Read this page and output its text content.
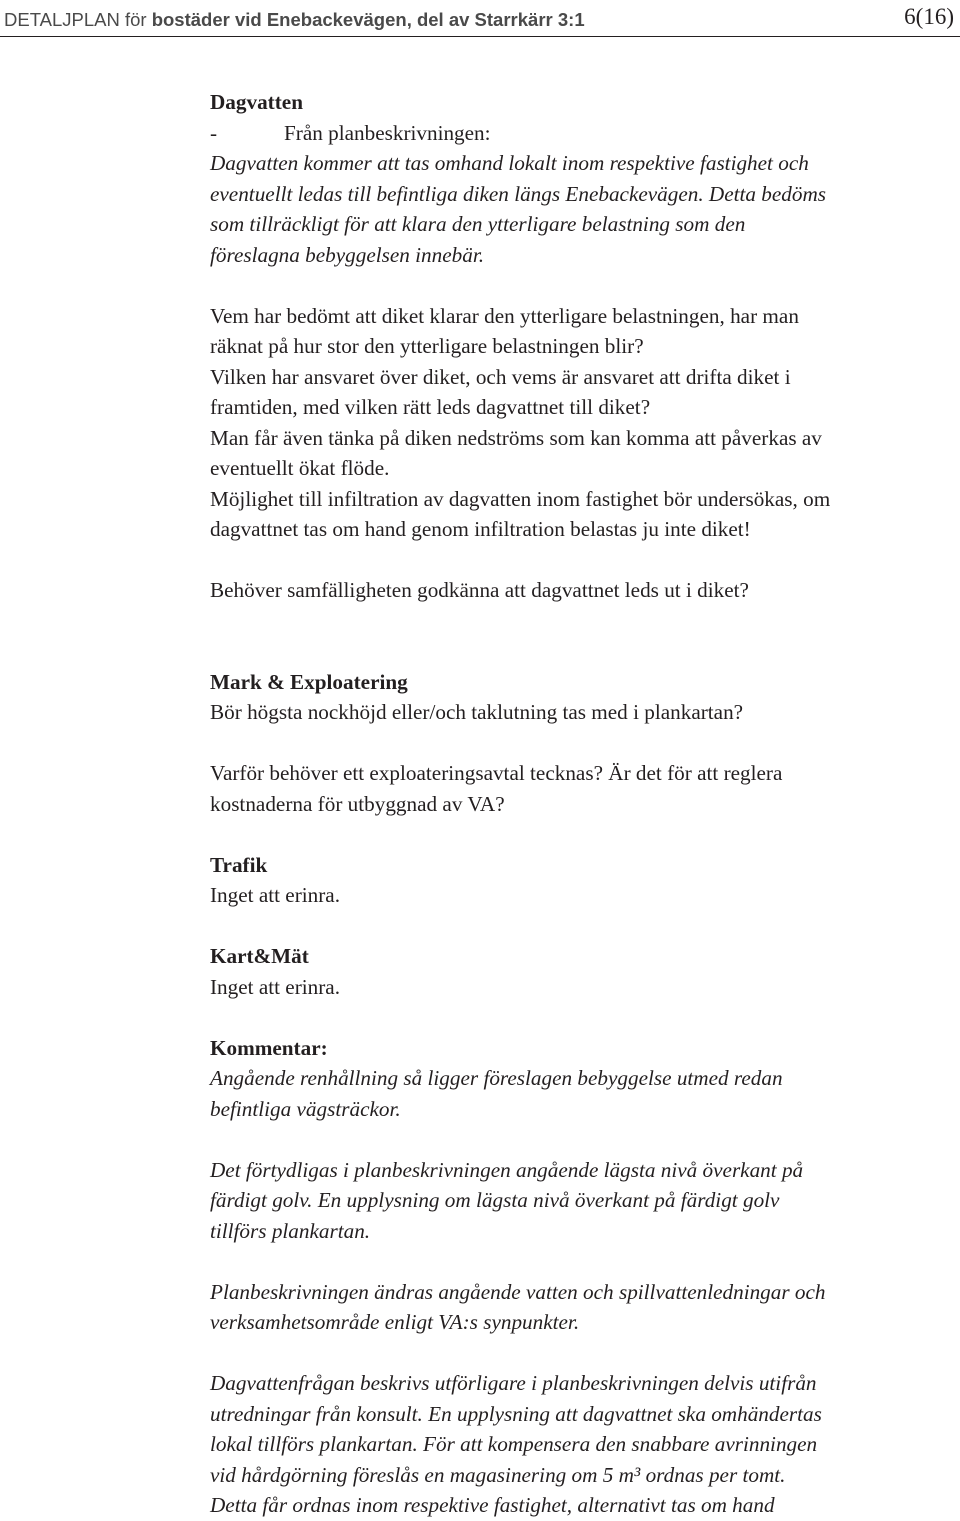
DETALJPLAN för bostäder vid Enebackevägen, del av Starrkärr 3:1	6(16)

Dagvatten

-	Från planbeskrivningen:

Dagvatten kommer att tas omhand lokalt inom respektive fastighet och

eventuellt ledas till befintliga diken längs Enebackevägen. Detta bedöms

som tillräckligt för att klara den ytterligare belastning som den

föreslagna bebyggelsen innebär.

Vem har bedömt att diket klarar den ytterligare belastningen, har man

räknat på hur stor den ytterligare belastningen blir?

Vilken har ansvaret över diket, och vems är ansvaret att drifta diket i

framtiden, med vilken rätt leds dagvattnet till diket?

Man får även tänka på diken nedströms som kan komma att påverkas av

eventuellt ökat flöde.

Möjlighet till infiltration av dagvatten inom fastighet bör undersökas, om

dagvattnet tas om hand genom infiltration belastas ju inte diket!

Behöver samfälligheten godkänna att dagvattnet leds ut i diket?

Mark & Exploatering

Bör högsta nockhöjd eller/och taklutning tas med i plankartan?

Varför behöver ett exploateringsavtal tecknas? Är det för att reglera

kostnaderna för utbyggnad av VA?

Trafik

Inget att erinra.

Kart&Mät

Inget att erinra.

Kommentar:

Angående renhållning så ligger föreslagen bebyggelse utmed redan

befintliga vägsträckor.

Det förtydligas i planbeskrivningen angående lägsta nivå överkant på

färdigt golv. En upplysning om lägsta nivå överkant på färdigt golv

tillförs plankartan.

Planbeskrivningen ändras angående vatten och spillvattenledningar och

verksamhetsområde enligt VA:s synpunkter.

Dagvattenfrågan beskrivs utförligare i planbeskrivningen delvis utifrån

utredningar från konsult. En upplysning att dagvattnet ska omhändertas

lokal tillförs plankartan. För att kompensera den snabbare avrinningen

vid hårdgörning föreslås en magasinering om 5 m³ ordnas per tomt.

Detta får ordnas inom respektive fastighet, alternativt tas om hand
